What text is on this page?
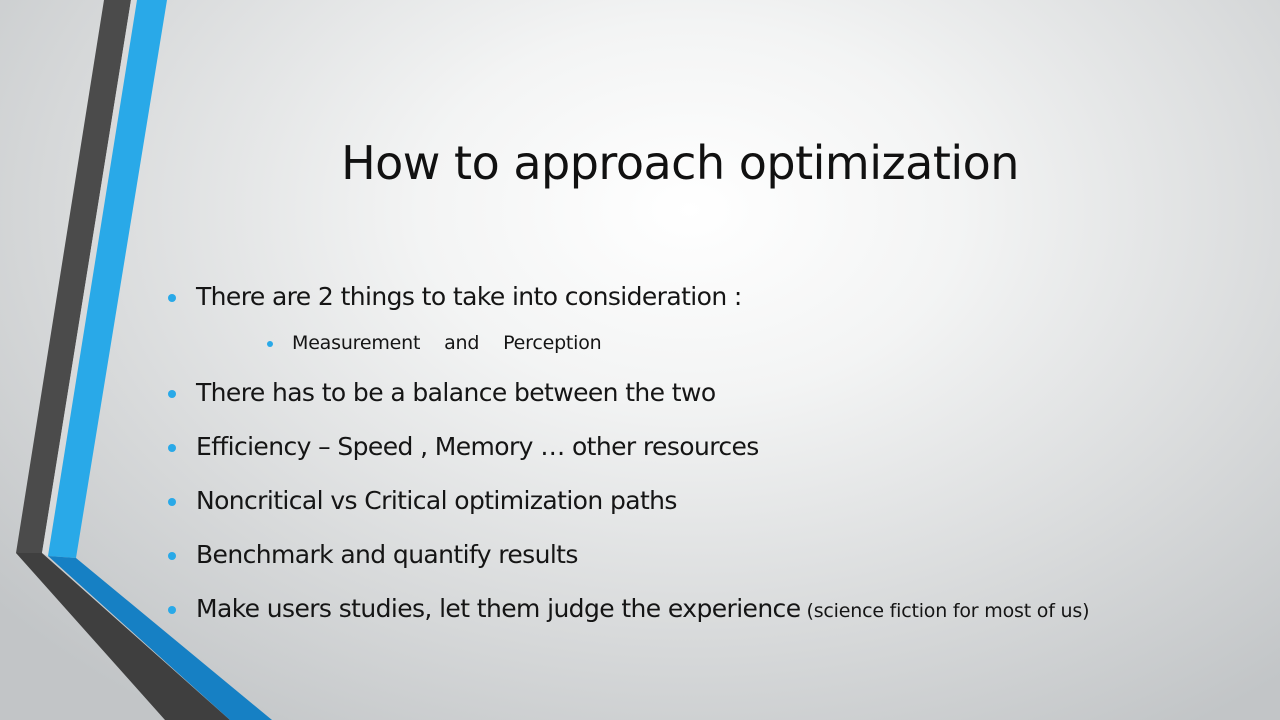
How to approach optimization
There are 2 things to take into consideration :
Measurement and Perception
There has to be a balance between the two
Efficiency – Speed , Memory … other resources
Noncritical vs Critical optimization paths
Benchmark and quantify results
Make users studies, let them judge the experience (science fiction for most of us)
